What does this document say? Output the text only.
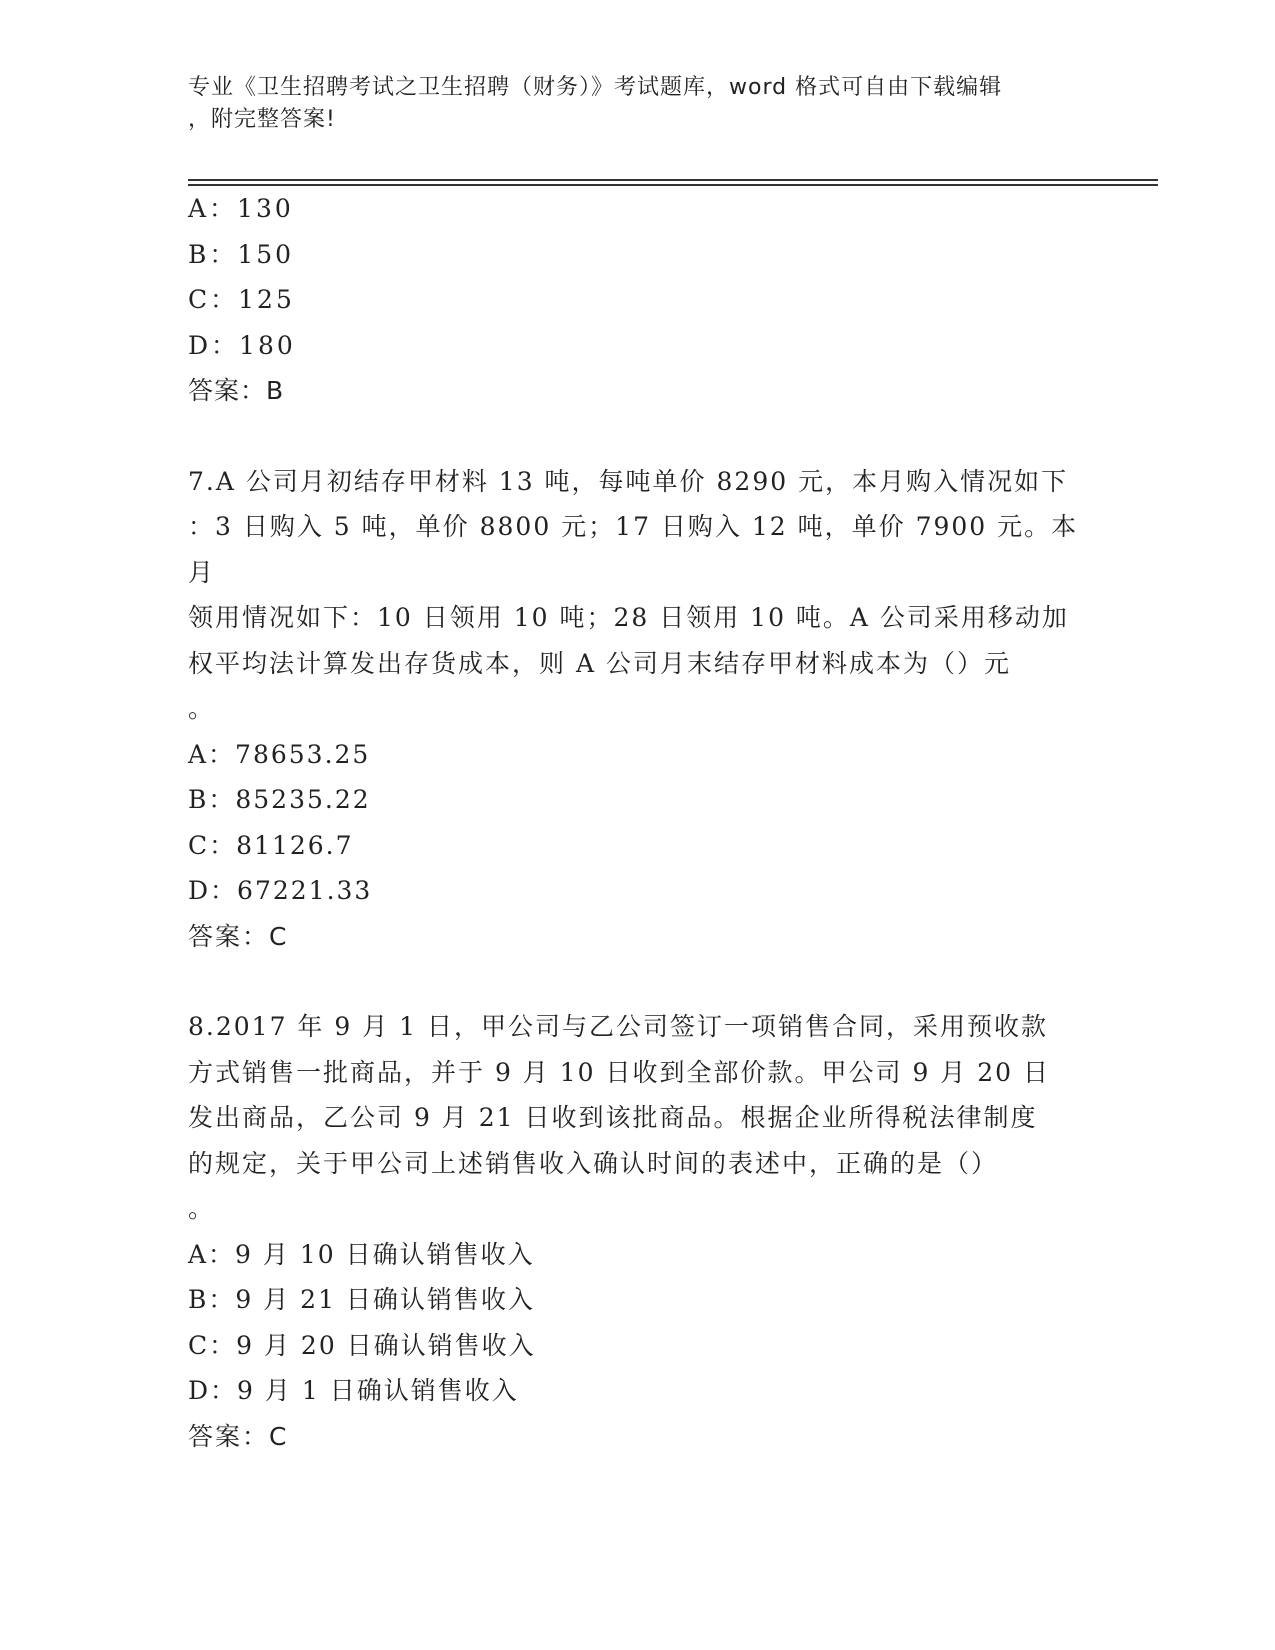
专业《卫生招聘考试之卫生招聘（财务）》考试题库，word 格式可自由下载编辑
，附完整答案!

A：130

B：150

C：125

D：180

答案：B

7.A 公司月初结存甲材料 13 吨，每吨单价 8290 元，本月购入情况如下

：3 日购入 5 吨，单价 8800 元；17 日购入 12 吨，单价 7900 元。本月

领用情况如下：10 日领用 10 吨；28 日领用 10 吨。A 公司采用移动加

权平均法计算发出存货成本，则 A 公司月末结存甲材料成本为（）元

。

A：78653.25

B：85235.22

C：81126.7

D：67221.33

答案：C

8.2017 年 9 月 1 日，甲公司与乙公司签订一项销售合同，采用预收款

方式销售一批商品，并于 9 月 10 日收到全部价款。甲公司 9 月 20 日

发出商品，乙公司 9 月 21 日收到该批商品。根据企业所得税法律制度

的规定，关于甲公司上述销售收入确认时间的表述中，正确的是（）

。

A：9 月 10 日确认销售收入

B：9 月 21 日确认销售收入

C：9 月 20 日确认销售收入

D：9 月 1 日确认销售收入

答案：C
